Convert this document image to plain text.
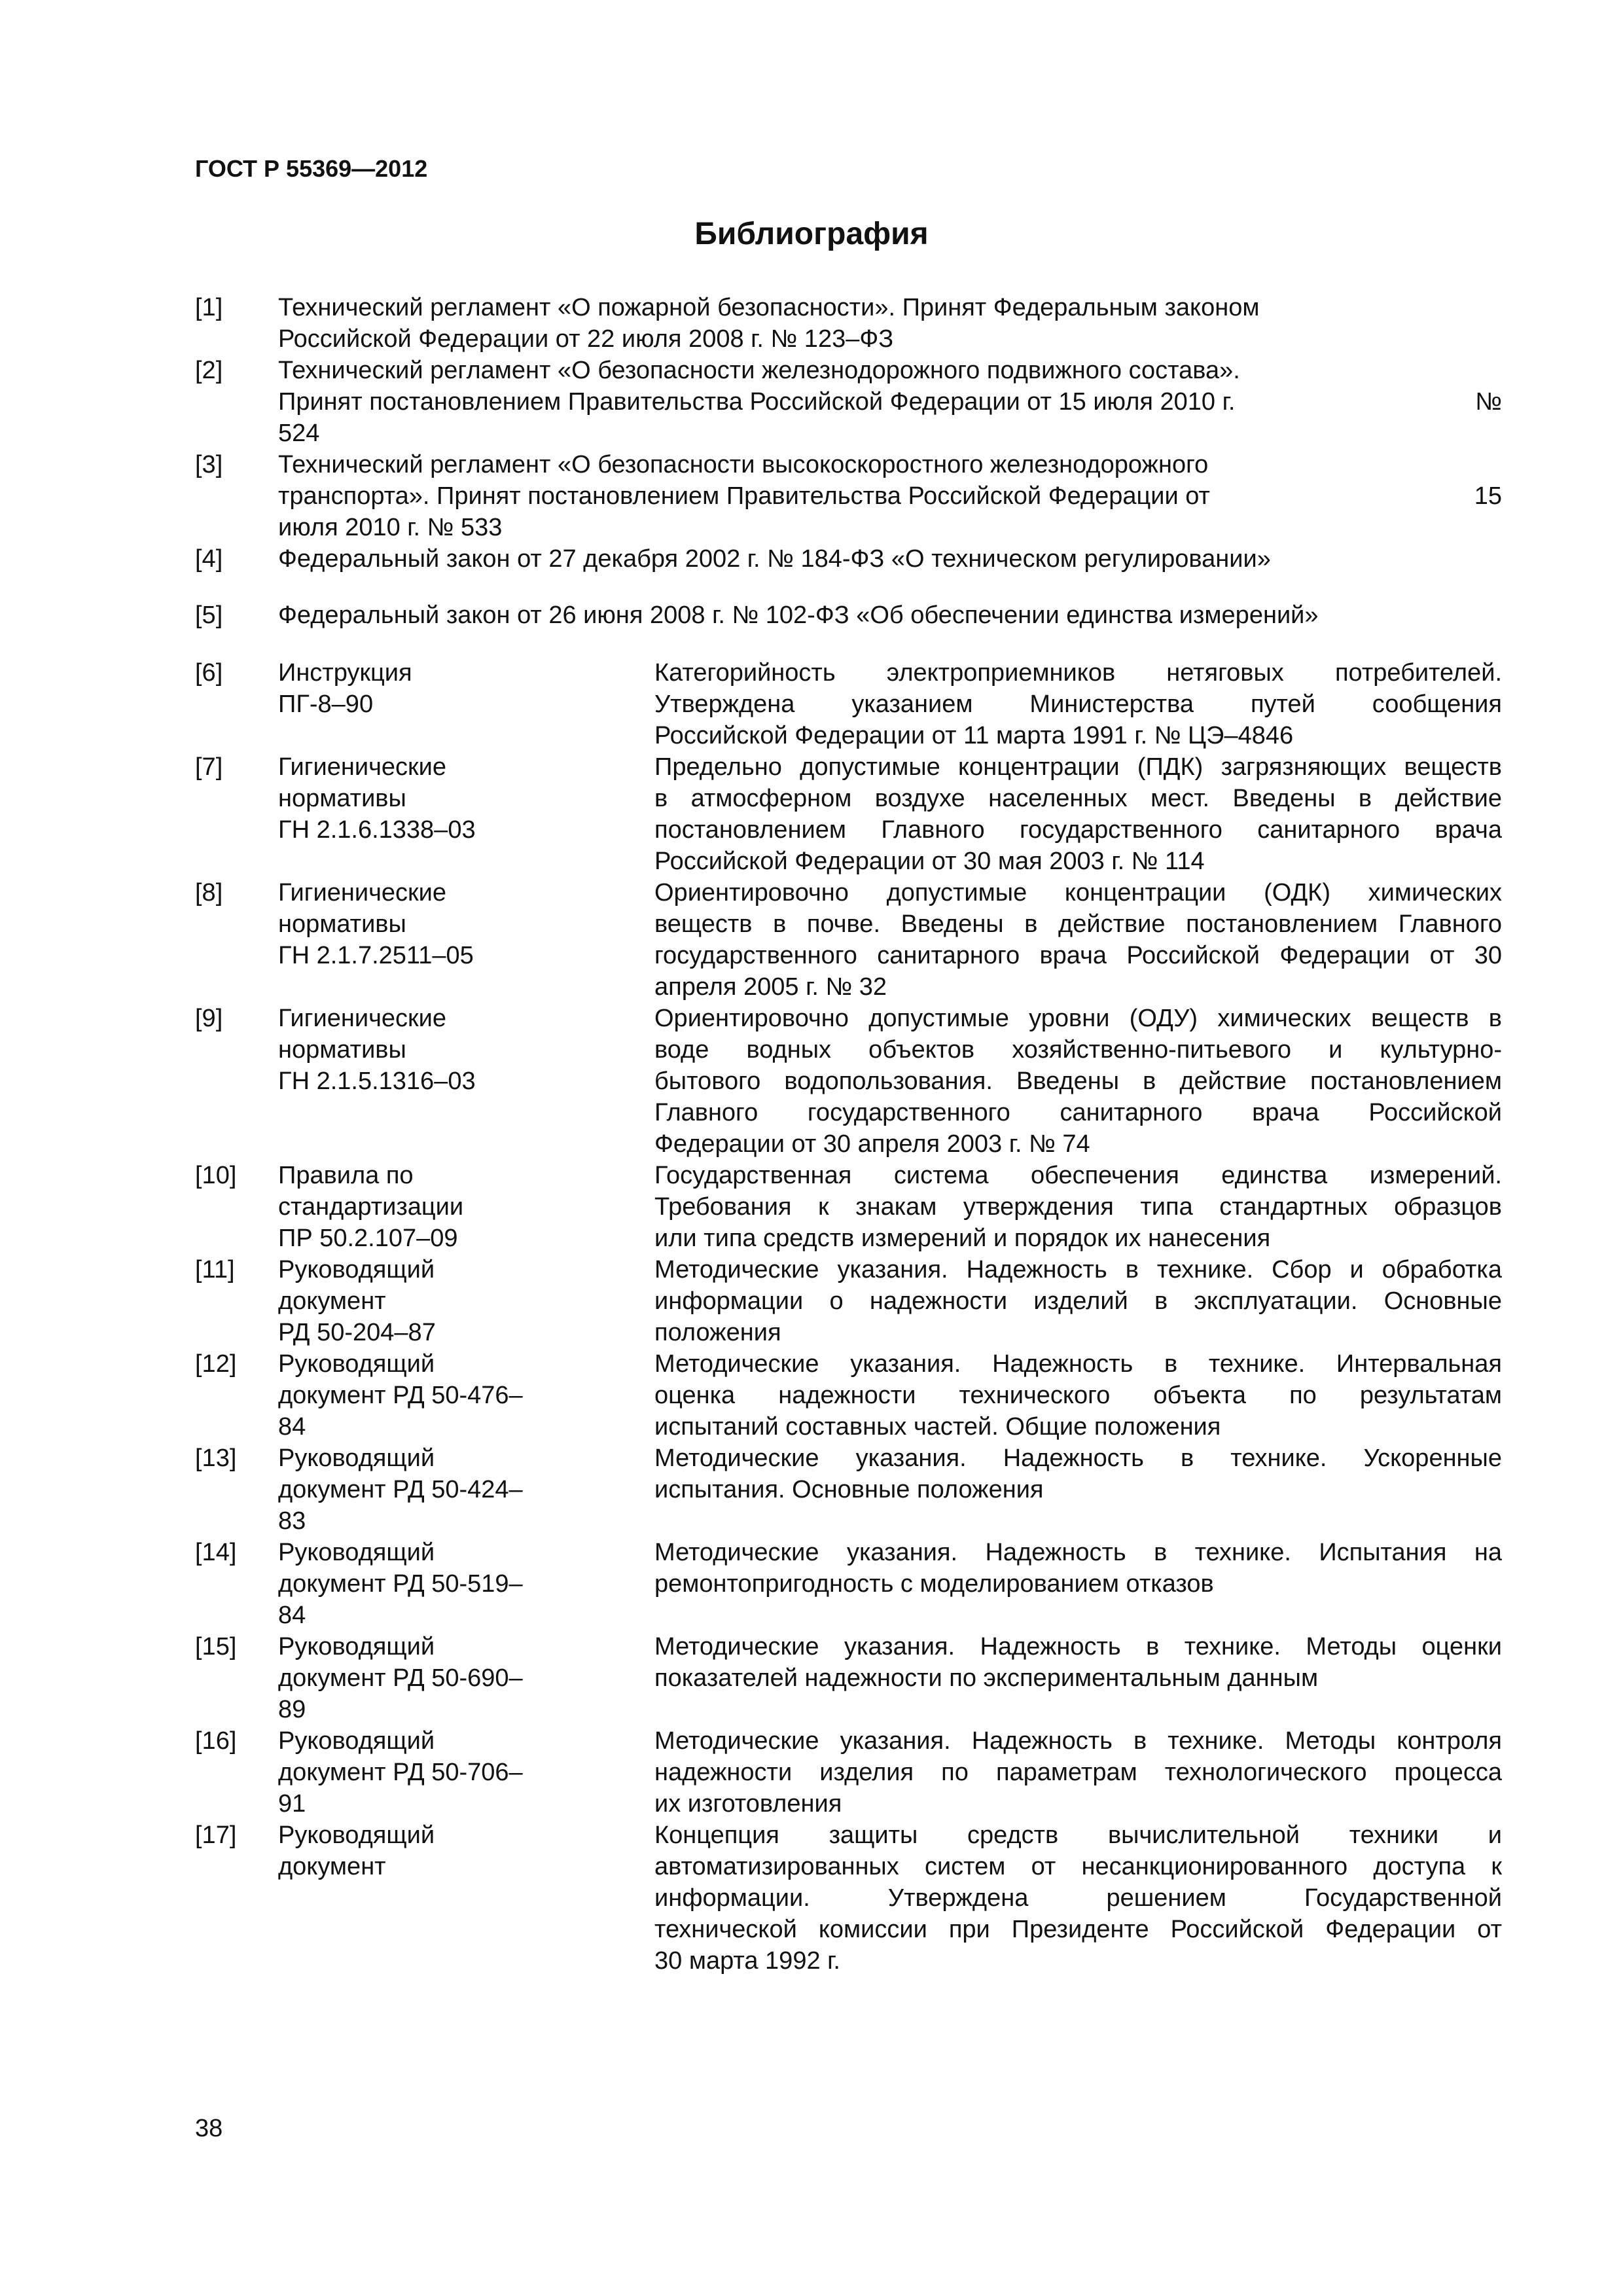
ГОСТ Р 55369—2012
Библиография
[1] Технический регламент «О пожарной безопасности». Принят Федеральным законом
Российской Федерации от 22 июля 2008 г. № 123–ФЗ
[2] Технический регламент «О безопасности железнодорожного подвижного состава».
Принят постановлением Правительства Российской Федерации от 15 июля 2010 г.
524
№
[3] Технический регламент «О безопасности высокоскоростного железнодорожного
транспорта». Принят постановлением Правительства Российской Федерации от
июля 2010 г. № 533
15
[4] Федеральный закон от 27 декабря 2002 г. № 184-ФЗ «О техническом регулировании»
[5] Федеральный закон от 26 июня 2008 г. № 102-ФЗ «Об обеспечении единства измерений»
[6] Инструкция
ПГ-8–90
Категорийность электроприемников нетяговых потребителей.
Утверждена указанием Министерства путей сообщения
Российской Федерации от 11 марта 1991 г. № ЦЭ–4846
[7] Гигиенические
нормативы
ГН 2.1.6.1338–03
Предельно допустимые концентрации (ПДК) загрязняющих веществ
в атмосферном воздухе населенных мест. Введены в действие
постановлением Главного государственного санитарного врача
Российской Федерации от 30 мая 2003 г. № 114
[8] Гигиенические
нормативы
ГН 2.1.7.2511–05
Ориентировочно допустимые концентрации (ОДК) химических
веществ в почве. Введены в действие постановлением Главного
государственного санитарного врача Российской Федерации от 30
апреля 2005 г. № 32
[9] Гигиенические
нормативы
ГН 2.1.5.1316–03
Ориентировочно допустимые уровни (ОДУ) химических веществ в
воде водных объектов хозяйственно-питьевого и культурно-
бытового водопользования. Введены в действие постановлением
Главного государственного санитарного врача Российской
Федерации от 30 апреля 2003 г. № 74
[10] Правила по
стандартизации
ПР 50.2.107–09
Государственная система обеспечения единства измерений.
Требования к знакам утверждения типа стандартных образцов
или типа средств измерений и порядок их нанесения
[11] Руководящий
документ
РД 50-204–87
Методические указания. Надежность в технике. Сбор и обработка
информации о надежности изделий в эксплуатации. Основные
положения
[12] Руководящий
документ РД 50-476–
84
Методические указания. Надежность в технике. Интервальная
оценка надежности технического объекта по результатам
испытаний составных частей. Общие положения
[13] Руководящий
документ РД 50-424–
83
Методические указания. Надежность в технике. Ускоренные
испытания. Основные положения
[14] Руководящий
документ РД 50-519–
84
Методические указания. Надежность в технике. Испытания на
ремонтопригодность с моделированием отказов
[15] Руководящий
документ РД 50-690–
89
Методические указания. Надежность в технике. Методы оценки
показателей надежности по экспериментальным данным
[16] Руководящий
документ РД 50-706–
91
Методические указания. Надежность в технике. Методы контроля
надежности изделия по параметрам технологического процесса
их изготовления
[17] Руководящий
документ
Концепция защиты средств вычислительной техники и
автоматизированных систем от несанкционированного доступа к
информации. Утверждена решением Государственной
технической комиссии при Президенте Российской Федерации от
30 марта 1992 г.
38
